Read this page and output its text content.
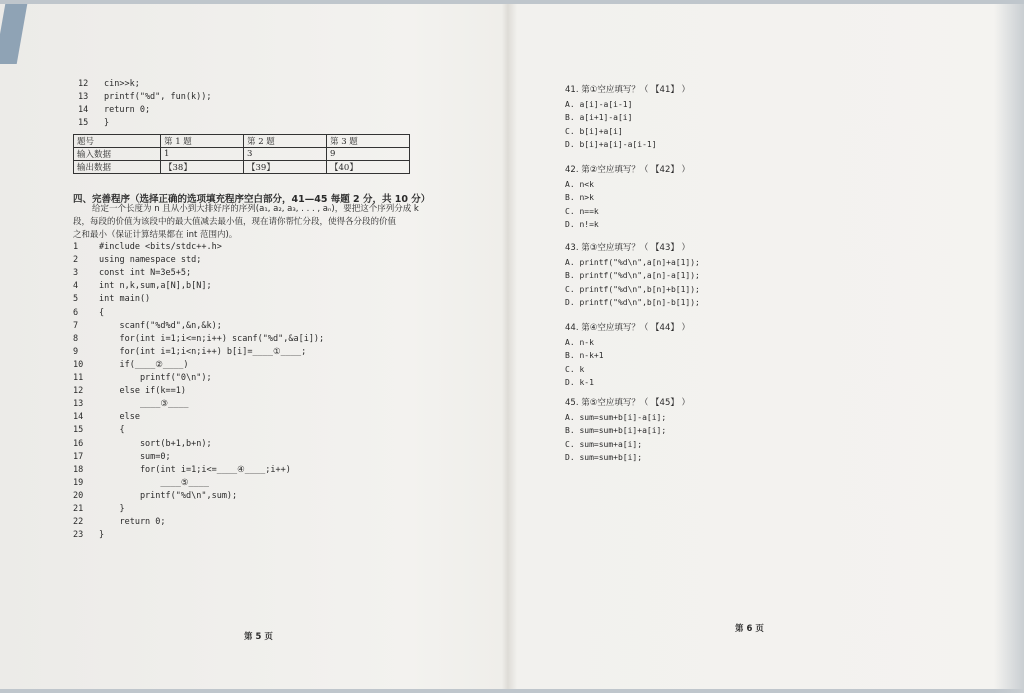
12 cin>>k;
13 printf("%d", fun(k));
14 return 0;
15 }
题号	第 1 题	第 2 题	第 3 题
输入数据	1	3	9
输出数据	【38】	【39】	【40】
四、完善程序（选择正确的选项填充程序空白部分，41—45 每题 2 分，共 10 分）
给定一个长度为 n 且从小到大排好序的序列(a₁, a₂, a₃, . . . , aₙ)，要把这个序列分成 k
段，每段的价值为该段中的最大值减去最小值，现在请你帮忙分段，使得各分段的价值
之和最小（保证计算结果都在 int 范围内)。
1 #include <bits/stdc++.h>
2 using namespace std;
3 const int N=3e5+5;
4 int n,k,sum,a[N],b[N];
5 int main()
6 {
7    scanf("%d%d",&n,&k);
8    for(int i=1;i<=n;i++) scanf("%d",&a[i]);
9    for(int i=1;i<n;i++) b[i]=____①____;
10    if(____②____)
11        printf("0\n");
12    else if(k==1)
13        ____③____
14    else
15    {
16        sort(b+1,b+n);
17        sum=0;
18        for(int i=1;i<=____④____;i++)
19            ____⑤____
20        printf("%d\n",sum);
21    }
22    return 0;
23 }
第 5 页
41. 第①空应填写？（ 【41】 ）
A. a[i]-a[i-1]
B. a[i+1]-a[i]
C. b[i]+a[i]
D. b[i]+a[i]-a[i-1]
42. 第②空应填写？（ 【42】 ）
A. n<k
B. n>k
C. n==k
D. n!=k
43. 第③空应填写？（ 【43】 ）
A. printf("%d\n",a[n]+a[1]);
B. printf("%d\n",a[n]-a[1]);
C. printf("%d\n",b[n]+b[1]);
D. printf("%d\n",b[n]-b[1]);
44. 第④空应填写？（ 【44】 ）
A. n-k
B. n-k+1
C. k
D. k-1
45. 第⑤空应填写？（ 【45】 ）
A. sum=sum+b[i]-a[i];
B. sum=sum+b[i]+a[i];
C. sum=sum+a[i];
D. sum=sum+b[i];
第 6 页
